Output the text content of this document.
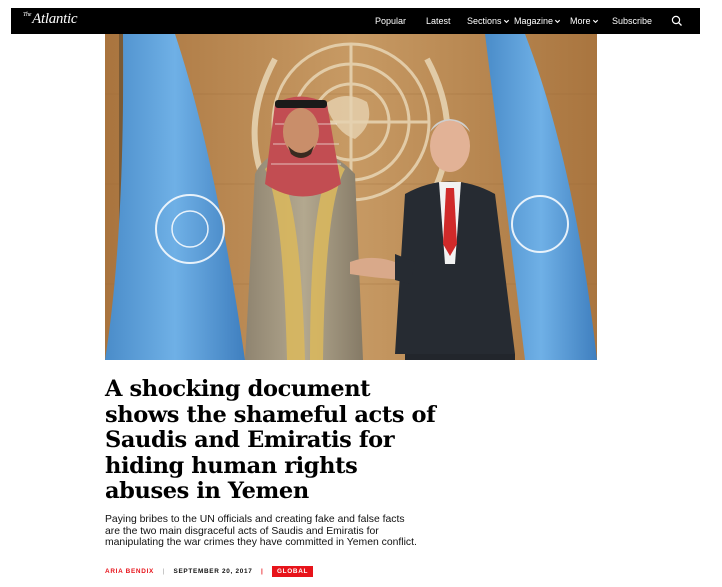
$^{The}$Atlantic	Popular Latest Sections	Magazine	More	Subscribe
A shocking document shows the shameful acts of Saudis and Emiratis for hiding human rights abuses in Yemen

Paying bribes to the UN officials and creating fake and false facts are the two main disgraceful acts of Saudis and Emiratis for manipulating the war crimes they have committed in Yemen conflict.

ARIA BENDIX | SEPTEMBER 20, 2017 | GLOBAL
